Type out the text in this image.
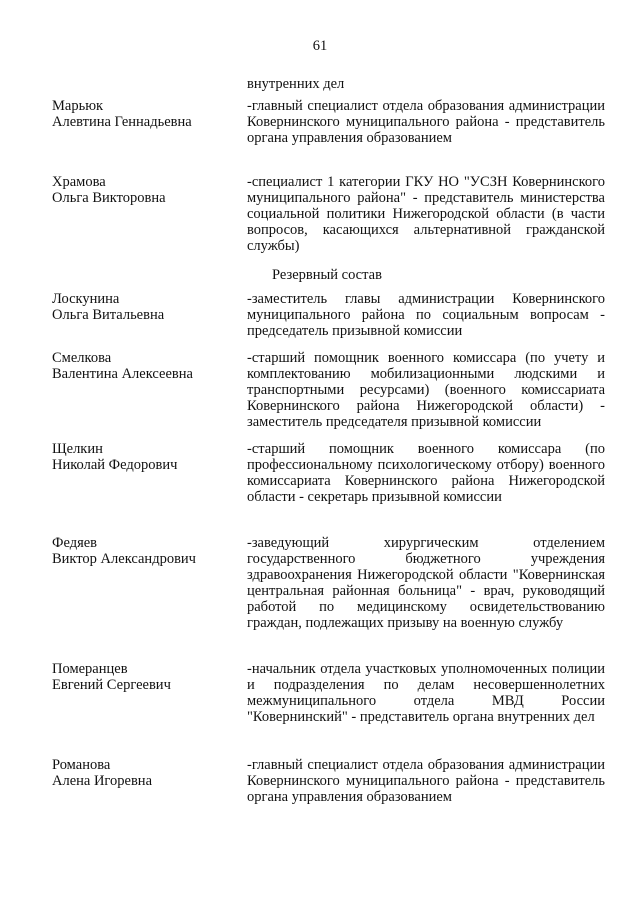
61
внутренних дел
Марьюк
Алевтина Геннадьевна
-главный специалист отдела образования администрации Ковернинского муниципального района - представитель органа управления образованием
Храмова
Ольга Викторовна
-специалист 1 категории ГКУ НО "УСЗН Ковернинского муниципального района" - представитель министерства социальной политики Нижегородской области (в части вопросов, касающихся альтернативной гражданской службы)
Резервный состав
Лоскунина
Ольга Витальевна
-заместитель главы администрации Ковернинского муниципального района по социальным вопросам - председатель призывной комиссии
Смелкова
Валентина Алексеевна
-старший помощник военного комиссара (по учету и комплектованию мобилизационными людскими и транспортными ресурсами) (военного комиссариата Ковернинского района Нижегородской области) - заместитель председателя призывной комиссии
Щелкин
Николай Федорович
-старший помощник военного комиссара (по профессиональному психологическому отбору) военного комиссариата Ковернинского района Нижегородской области - секретарь призывной комиссии
Федяев
Виктор Александрович
-заведующий хирургическим отделением государственного бюджетного учреждения здравоохранения Нижегородской области "Ковернинская центральная районная больница" - врач, руководящий работой по медицинскому освидетельствованию граждан, подлежащих призыву на военную службу
Померанцев
Евгений Сергеевич
-начальник отдела участковых уполномоченных полиции и подразделения по делам несовершеннолетних межмуниципального отдела МВД России "Ковернинский" - представитель органа внутренних дел
Романова
Алена Игоревна
-главный специалист отдела образования администрации Ковернинского муниципального района - представитель органа управления образованием
